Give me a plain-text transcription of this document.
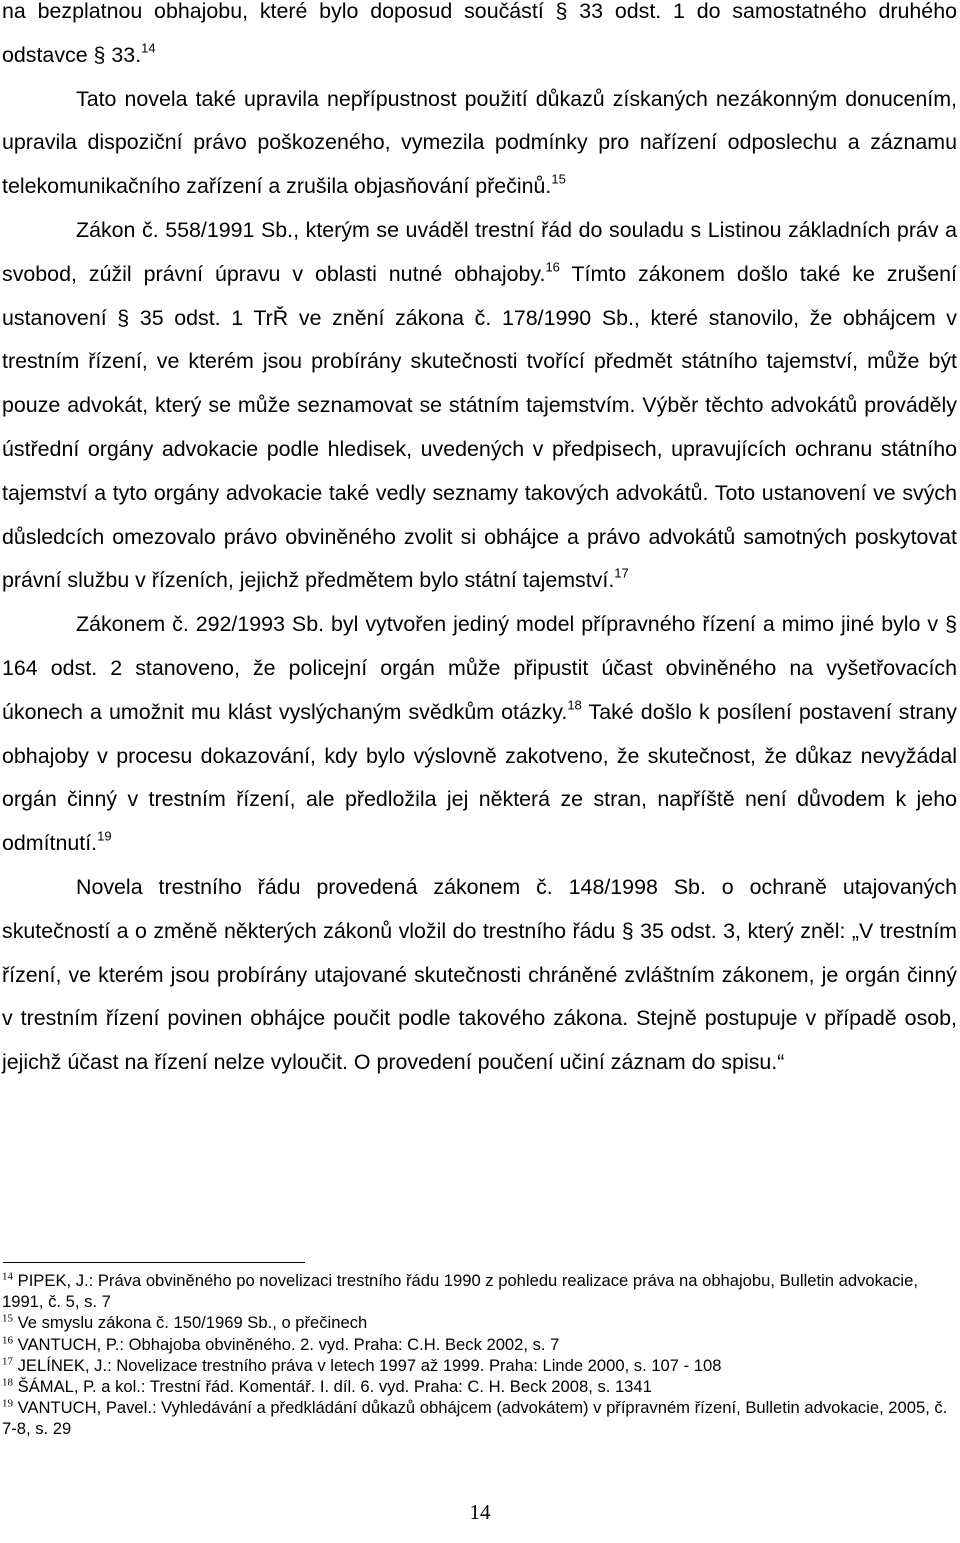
na bezplatnou obhajobu, které bylo doposud součástí § 33 odst. 1 do samostatného druhého odstavce § 33.14

Tato novela také upravila nepřípustnost použití důkazů získaných nezákonným donucením, upravila dispoziční právo poškozeného, vymezila podmínky pro nařízení odposlechu a záznamu telekomunikačního zařízení a zrušila objasňování přečinů.$^{15}$

Zákon č. 558/1991 Sb., kterým se uváděl trestní řád do souladu s Listinou základních práv a svobod, zúžil právní úpravu v oblasti nutné obhajoby.$^{16}$ Tímto zákonem došlo také ke zrušení ustanovení § 35 odst. 1 TrŘ ve znění zákona č. 178/1990 Sb., které stanovilo, že obhájcem v trestním řízení, ve kterém jsou probírány skutečnosti tvořící předmět státního tajemství, může být pouze advokát, který se může seznamovat se státním tajemstvím. Výběr těchto advokátů prováděly ústřední orgány advokacie podle hledisek, uvedených v předpisech, upravujících ochranu státního tajemství a tyto orgány advokacie také vedly seznamy takových advokátů. Toto ustanovení ve svých důsledcích omezovalo právo obviněného zvolit si obhájce a právo advokátů samotných poskytovat právní službu v řízeních, jejichž předmětem bylo státní tajemství.$^{17}$

Zákonem č. 292/1993 Sb. byl vytvořen jediný model přípravného řízení a mimo jiné bylo v § 164 odst. 2 stanoveno, že policejní orgán může připustit účast obviněného na vyšetřovacích úkonech a umožnit mu klást vyslýchaným svědkům otázky.$^{18}$ Také došlo k posílení postavení strany obhajoby v procesu dokazování, kdy bylo výslovně zakotveno, že skutečnost, že důkaz nevyžádal orgán činný v trestním řízení, ale předložila jej některá ze stran, napříště není důvodem k jeho odmítnutí.$^{19}$

Novela trestního řádu provedená zákonem č. 148/1998 Sb. o ochraně utajovaných skutečností a o změně některých zákonů vložil do trestního řádu § 35 odst. 3, který zněl: „V trestním řízení, ve kterém jsou probírány utajované skutečnosti chráněné zvláštním zákonem, je orgán činný v trestním řízení povinen obhájce poučit podle takového zákona. Stejně postupuje v případě osob, jejichž účast na řízení nelze vyloučit. O provedení poučení učiní záznam do spisu.“

$^{14}$ PIPEK, J.: Práva obviněného po novelizaci trestního řádu 1990 z pohledu realizace práva na obhajobu, Bulletin advokacie, 1991, č. 5, s. 7

$^{15}$ Ve smyslu zákona č. 150/1969 Sb., o přečinech

$^{16}$ VANTUCH, P.: Obhajoba obviněného. 2. vyd. Praha: C.H. Beck 2002, s. 7

$^{17}$ JELÍNEK, J.: Novelizace trestního práva v letech 1997 až 1999. Praha: Linde 2000, s. 107 - 108

$^{18}$ ŠÁMAL, P. a kol.: Trestní řád. Komentář. I. díl. 6. vyd. Praha: C. H. Beck 2008, s. 1341

$^{19}$ VANTUCH, Pavel.: Vyhledávání a předkládání důkazů obhájcem (advokátem) v přípravném řízení, Bulletin advokacie, 2005, č. 7-8, s. 29

14
